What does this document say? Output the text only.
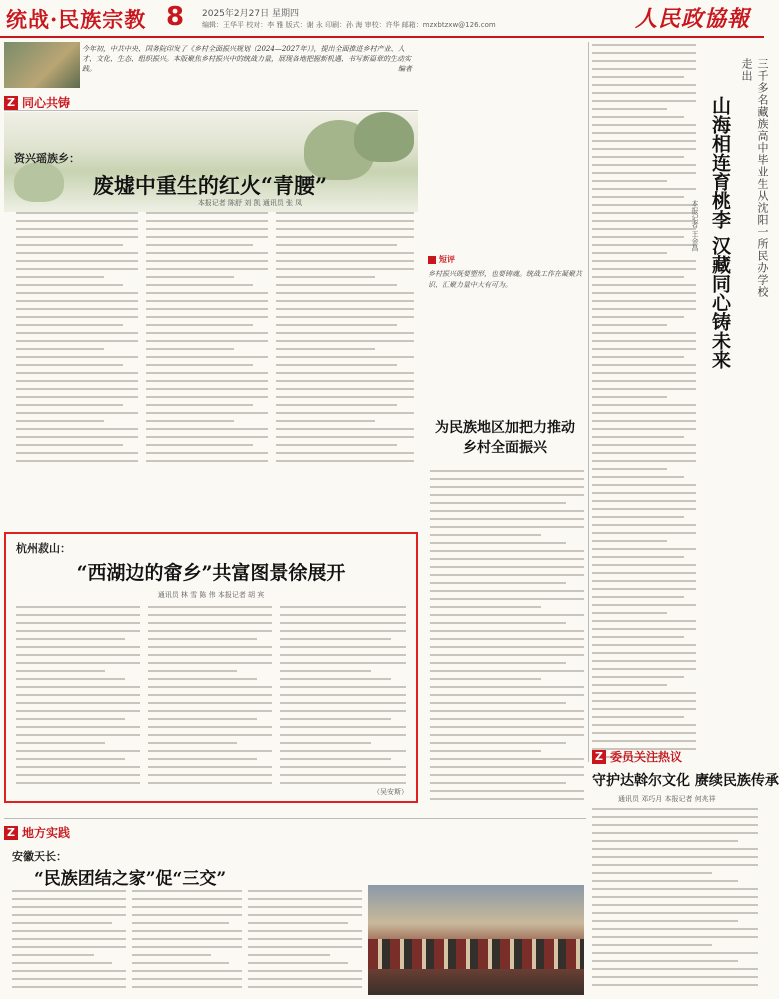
统战·民族宗教 8 2025年2月27日 星期四
编辑：王华平 校对：李 雅 版式：谢 永 印刷：孙 海 审校：许华 邮箱：mzxbtzxw@126.com	人民政協報
Z 同心共铸
今年初，中共中央、国务院印发了《乡村全面振兴规划（2024—2027年）》，提出全面推进乡村产业、人才、文化、生态、组织振兴。本版聚焦乡村振兴中的统战力量，展现各地把握新机遇、书写新篇章的生动实践。	编者
资兴瑶族乡：
废墟中重生的红火“青腰”
本报记者 陈舒 刘 凯 通讯员 张 凤
短评
乡村振兴既要塑形，也要铸魂。统战工作在凝聚共识、汇聚力量中大有可为。
为民族地区加把力推动乡村全面振兴
杭州菽山：
“西湖边的畲乡”共富图景徐展开
通讯员 林 雪 陈 伟 本报记者 胡 宾
（吴安斯）
三千多名藏族高中毕业生从沈阳一所民办学校走出
山海相连育桃李 汉藏同心铸未来
本报记者 王金昌
Z 委员关注热议
守护达斡尔文化 赓续民族传承
通讯员 邓巧月 本报记者 何兆祥
Z 地方实践
安徽天长：
“民族团结之家”促“三交”
